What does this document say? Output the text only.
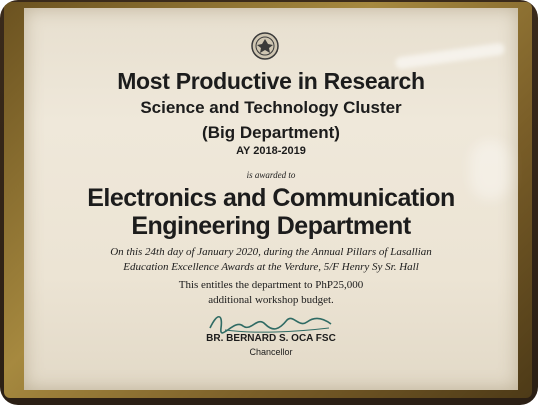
Most Productive in Research
Science and Technology Cluster
(Big Department)
AY 2018-2019
is awarded to
Electronics and Communication
Engineering Department
On this 24th day of January 2020, during the Annual Pillars of Lasallian
Education Excellence Awards at the Verdure, 5/F Henry Sy Sr. Hall
This entitles the department to PhP25,000
additional workshop budget.
BR. BERNARD S. OCA FSC
Chancellor
